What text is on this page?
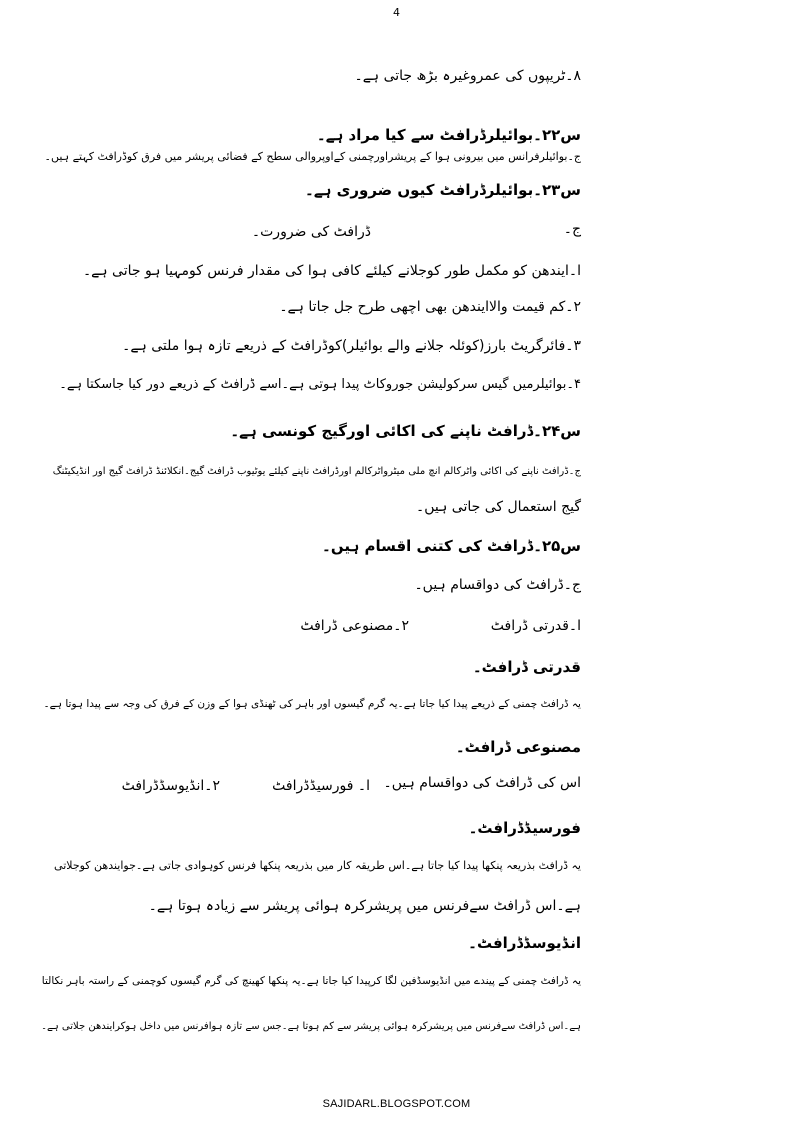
4
۸۔ٹریپوں کی عمروغیرہ بڑھ جاتی ہے۔
س۲۲۔بوائیلرڈرافٹ سے کیا مراد ہے۔
ج۔بوائیلرفرانس میں بیرونی ہوا کے پریشراورچمنی کےاوپروالی سطح کے فضائی پریشر میں فرق کوڈرافٹ کہتے ہیں۔
س۲۳۔بوائیلرڈرافٹ کیوں ضروری ہے۔
ج۔
ڈرافٹ کی ضرورت۔
ا۔ایندھن کو مکمل طور کوجلانے کیلئے کافی ہوا کی مقدار فرنس کومہیا ہو جاتی ہے۔
۲۔کم قیمت والاایندھن بھی اچھی طرح جل جاتا ہے۔
۳۔فائرگریٹ بارز(کوئلہ جلانے والے بوائیلر)کوڈرافٹ کے ذریعے تازہ ہوا ملتی ہے۔
۴۔بوائیلرمیں گیس سرکولیشن جوروکاٹ پیدا ہوتی ہے۔اسے ڈرافٹ کے ذریعے دور کیا جاسکتا ہے۔
س۲۴۔ڈرافٹ ناپنے کی اکائی اورگیج کونسی ہے۔
ج۔ڈرافٹ ناپنے کی اکائی واٹرکالم انچ ملی میٹرواٹرکالم اورڈرافٹ ناپنے کیلئے یوٹیوب ڈرافٹ گیج۔انکلائنڈ ڈرافٹ گیج اور انڈیکیٹنگ
گیج استعمال کی جاتی ہیں۔
س۲۵۔ڈرافٹ کی کتنی اقسام ہیں۔
ج۔ڈرافٹ کی دواقسام ہیں۔
ا۔قدرتی ڈرافٹ
۲۔مصنوعی ڈرافٹ
قدرتی ڈرافٹ۔
یہ ڈرافٹ چمنی کے ذریعے پیدا کیا جاتا ہے۔یہ گرم گیسوں اور باہر کی ٹھنڈی ہوا کے وزن کے فرق کی وجہ سے پیدا ہوتا ہے۔
مصنوعی ڈرافٹ۔
اس کی ڈرافٹ کی دواقسام ہیں۔
ا۔ فورسیڈڈرافٹ
۲۔انڈیوسڈڈرافٹ
فورسیڈڈرافٹ۔
یہ ڈرافٹ بذریعہ پنکھا پیدا کیا جاتا ہے۔اس طریقہ کار میں بذریعہ پنکھا فرنس کوہوادی جاتی ہے۔جوایندھن کوجلاتی
ہے۔اس ڈرافٹ سےفرنس میں پریشرکرہ ہوائی پریشر سے زیادہ ہوتا ہے۔
انڈیوسڈڈرافٹ۔
یہ ڈرافٹ چمنی کے پیندے میں انڈیوسڈفین لگا کرپیدا کیا جاتا ہے۔یہ پنکھا کھینچ کی گرم گیسوں کوچمنی کے راستہ باہر نکالتا
ہے۔اس ڈرافٹ سےفرنس میں پریشرکرہ ہوائی پریشر سے کم ہوتا ہے۔جس سے تازہ ہوافرنس میں داخل ہوکرایندھن جلاتی ہے۔
SAJIDARL.BLOGSPOT.COM
